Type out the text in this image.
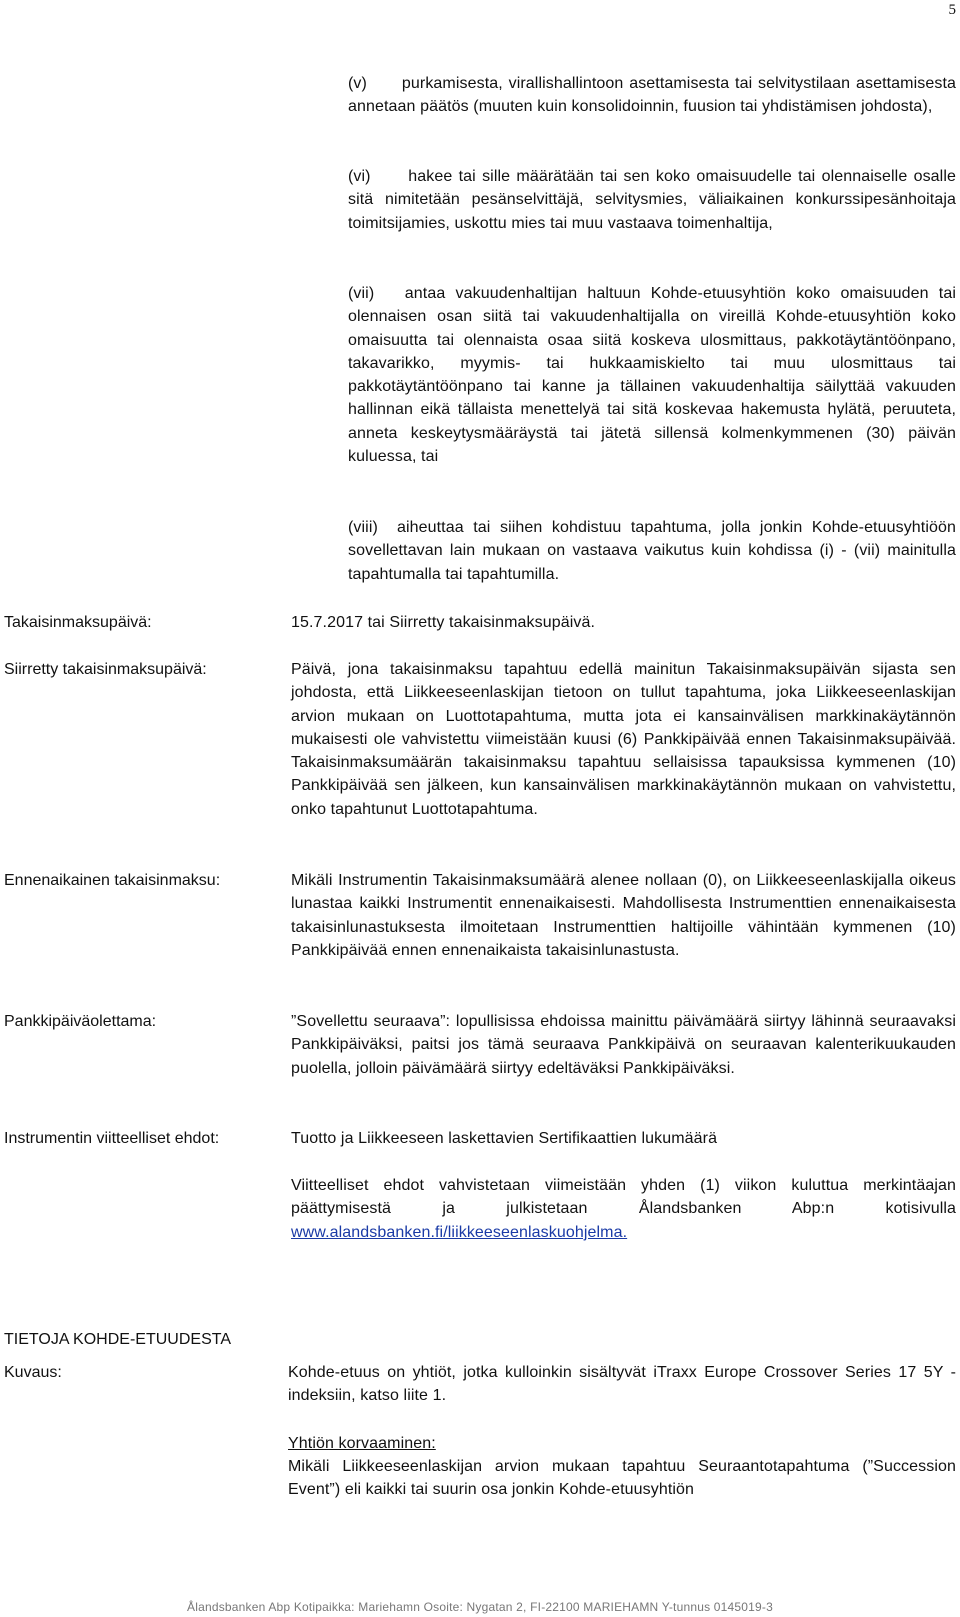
5

(v)      purkamisesta, virallishallintoon asettamisesta tai selvitystilaan asettamisesta annetaan päätös (muuten kuin konsolidoinnin, fuusion tai yhdistämisen johdosta),

(vi)      hakee tai sille määrätään tai sen koko omaisuudelle tai olennaiselle osalle sitä nimitetään pesänselvittäjä, selvitysmies, väliaikainen konkurssipesänhoitaja toimitsijamies, uskottu mies tai muu vastaava toimenhaltija,

(vii)   antaa vakuudenhaltijan haltuun Kohde-etuusyhtiön koko omaisuuden tai olennaisen osan siitä tai vakuudenhaltijalla on vireillä Kohde-etuusyhtiön koko omaisuutta tai olennaista osaa siitä koskeva ulosmittaus, pakkotäytäntöönpano, takavarikko, myymis- tai hukkaamiskielto tai muu ulosmittaus tai pakkotäytäntöönpano tai kanne ja tällainen vakuudenhaltija säilyttää vakuuden hallinnan eikä tällaista menettelyä tai sitä koskevaa hakemusta hylätä, peruuteta, anneta keskeytysmääräystä tai jätetä sillensä kolmenkymmenen (30) päivän kuluessa, tai

(viii)  aiheuttaa tai siihen kohdistuu tapahtuma, jolla jonkin Kohde-etuusyhtiöön sovellettavan lain mukaan on vastaava vaikutus kuin kohdissa (i) - (vii) mainitulla tapahtumalla tai tapahtumilla.

Takaisinmaksupäivä:	15.7.2017 tai Siirretty takaisinmaksupäivä.

Siirretty takaisinmaksupäivä:	Päivä, jona takaisinmaksu tapahtuu edellä mainitun Takaisinmaksupäivän sijasta sen johdosta, että Liikkeeseenlaskijan tietoon on tullut tapahtuma, joka Liikkeeseenlaskijan arvion mukaan on Luottotapahtuma, mutta jota ei kansainvälisen markkinakäytännön mukaisesti ole vahvistettu viimeistään kuusi (6) Pankkipäivää ennen Takaisinmaksupäivää. Takaisinmaksumäärän takaisinmaksu tapahtuu sellaisissa tapauksissa kymmenen (10) Pankkipäivää sen jälkeen, kun kansainvälisen markkinakäytännön mukaan on vahvistettu, onko tapahtunut Luottotapahtuma.

Ennenaikainen takaisinmaksu:	Mikäli Instrumentin Takaisinmaksumäärä alenee nollaan (0), on Liikkeeseenlaskijalla oikeus lunastaa kaikki Instrumentit ennenaikaisesti. Mahdollisesta Instrumenttien ennenaikaisesta takaisinlunastuksesta ilmoitetaan Instrumenttien haltijoille vähintään kymmenen (10) Pankkipäivää ennen ennenaikaista takaisinlunastusta.

Pankkipäiväolettama:	”Sovellettu seuraava”: lopullisissa ehdoissa mainittu päivämäärä siirtyy lähinnä seuraavaksi Pankkipäiväksi, paitsi jos tämä seuraava Pankkipäivä on seuraavan kalenterikuukauden puolella, jolloin päivämäärä siirtyy edeltäväksi Pankkipäiväksi.

Instrumentin viitteelliset ehdot:	Tuotto ja Liikkeeseen laskettavien Sertifikaattien lukumäärä

Viitteelliset ehdot vahvistetaan viimeistään yhden (1) viikon kuluttua merkintäajan päättymisestä ja julkistetaan Ålandsbanken Abp:n kotisivulla www.alandsbanken.fi/liikkeeseenlaskuohjelma.

TIETOJA KOHDE-ETUUDESTA

Kuvaus:	Kohde-etuus on yhtiöt, jotka kulloinkin sisältyvät iTraxx Europe Crossover Series 17 5Y -indeksiin, katso liite 1.

Yhtiön korvaaminen:

Mikäli Liikkeeseenlaskijan arvion mukaan tapahtuu Seuraantotapahtuma (”Succession Event”) eli kaikki tai suurin osa jonkin Kohde-etuusyhtiön

Ålandsbanken Abp Kotipaikka: Mariehamn Osoite: Nygatan 2, FI-22100 MARIEHAMN Y-tunnus 0145019-3
